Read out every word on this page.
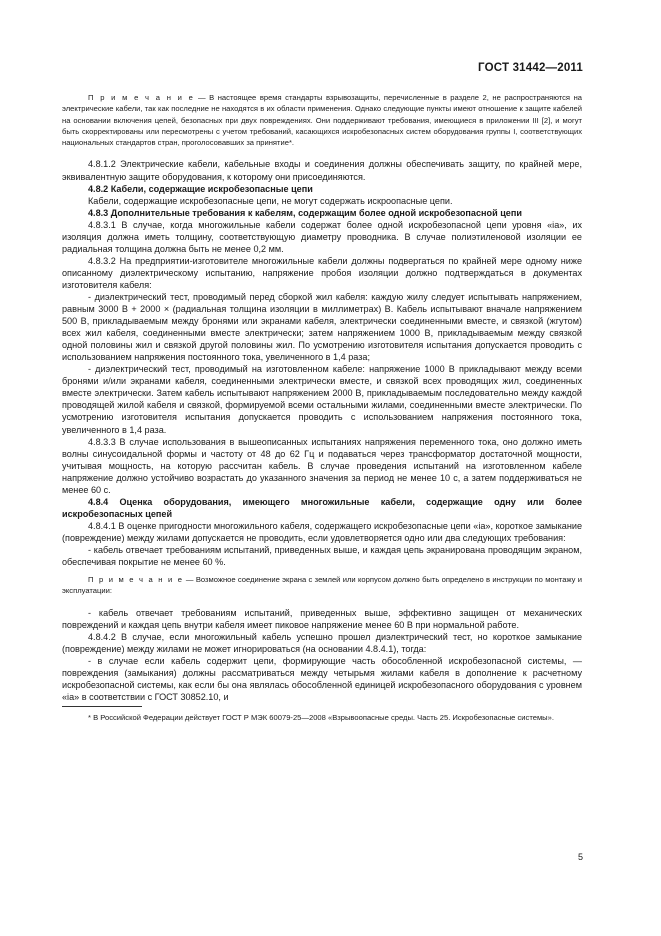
ГОСТ 31442—2011

П р и м е ч а н и е — В настоящее время стандарты взрывозащиты, перечисленные в разделе 2, не распространяются на электрические кабели, так как последние не находятся в их области применения. Однако следующие пункты имеют отношение к защите кабелей на основании включения цепей, безопасных при двух повреждениях. Они поддерживают требования, имеющиеся в приложении III [2], и могут быть скорректированы или пересмотрены с учетом требований, касающихся искробезопасных систем оборудования группы I, соответствующих национальных стандартов стран, проголосовавших за принятие*.

4.8.1.2 Электрические кабели, кабельные входы и соединения должны обеспечивать защиту, по крайней мере, эквивалентную защите оборудования, к которому они присоединяются.

4.8.2 Кабели, содержащие искробезопасные цепи

Кабели, содержащие искробезопасные цепи, не могут содержать искроопасные цепи.

4.8.3 Дополнительные требования к кабелям, содержащим более одной искробезопасной цепи

4.8.3.1 В случае, когда многожильные кабели содержат более одной искробезопасной цепи уровня «ia», их изоляция должна иметь толщину, соответствующую диаметру проводника. В случае полиэтиленовой изоляции ее радиальная толщина должна быть не менее 0,2 мм.

4.8.3.2 На предприятии-изготовителе многожильные кабели должны подвергаться по крайней мере одному ниже описанному диэлектрическому испытанию, напряжение пробоя изоляции должно подтверждаться в документах изготовителя кабеля:

- диэлектрический тест, проводимый перед сборкой жил кабеля: каждую жилу следует испытывать напряжением, равным 3000 В + 2000 × (радиальная толщина изоляции в миллиметрах) В. Кабель испытывают вначале напряжением 500 В, прикладываемым между бронями или экранами кабеля, электрически соединенными вместе, и связкой (жгутом) всех жил кабеля, соединенными вместе электрически; затем напряжением 1000 В, прикладываемым между связкой одной половины жил и связкой другой половины жил. По усмотрению изготовителя испытания допускается проводить с использованием напряжения постоянного тока, увеличенного в 1,4 раза;

- диэлектрический тест, проводимый на изготовленном кабеле: напряжение 1000 В прикладывают между всеми бронями и/или экранами кабеля, соединенными электрически вместе, и связкой всех проводящих жил, соединенных вместе электрически. Затем кабель испытывают напряжением 2000 В, прикладываемым последовательно между каждой проводящей жилой кабеля и связкой, формируемой всеми остальными жилами, соединенными вместе электрически. По усмотрению изготовителя испытания допускается проводить с использованием напряжения постоянного тока, увеличенного в 1,4 раза.

4.8.3.3 В случае использования в вышеописанных испытаниях напряжения переменного тока, оно должно иметь волны синусоидальной формы и частоту от 48 до 62 Гц и подаваться через трансформатор достаточной мощности, учитывая мощность, на которую рассчитан кабель. В случае проведения испытаний на изготовленном кабеле напряжение должно устойчиво возрастать до указанного значения за период не менее 10 с, а затем поддерживаться не менее 60 с.

4.8.4 Оценка оборудования, имеющего многожильные кабели, содержащие одну или более искробезопасных цепей

4.8.4.1 В оценке пригодности многожильного кабеля, содержащего искробезопасные цепи «ia», короткое замыкание (повреждение) между жилами допускается не проводить, если удовлетворяется одно или два следующих требования:

- кабель отвечает требованиям испытаний, приведенных выше, и каждая цепь экранирована проводящим экраном, обеспечивая покрытие не менее 60 %.

П р и м е ч а н и е — Возможное соединение экрана с землей или корпусом должно быть определено в инструкции по монтажу и эксплуатации:

- кабель отвечает требованиям испытаний, приведенных выше, эффективно защищен от механических повреждений и каждая цепь внутри кабеля имеет пиковое напряжение менее 60 В при нормальной работе.

4.8.4.2 В случае, если многожильный кабель успешно прошел диэлектрический тест, но короткое замыкание (повреждение) между жилами не может игнорироваться (на основании 4.8.4.1), тогда:

- в случае если кабель содержит цепи, формирующие часть обособленной искробезопасной системы, — повреждения (замыкания) должны рассматриваться между четырьмя жилами кабеля в дополнение к расчетному искробезопасной системы, как если бы она являлась обособленной единицей искробезопасного оборудования с уровнем «ia» в соответствии с ГОСТ 30852.10, и

* В Российской Федерации действует ГОСТ Р МЭК 60079-25—2008 «Взрывоопасные среды. Часть 25. Искробезопасные системы».

5
